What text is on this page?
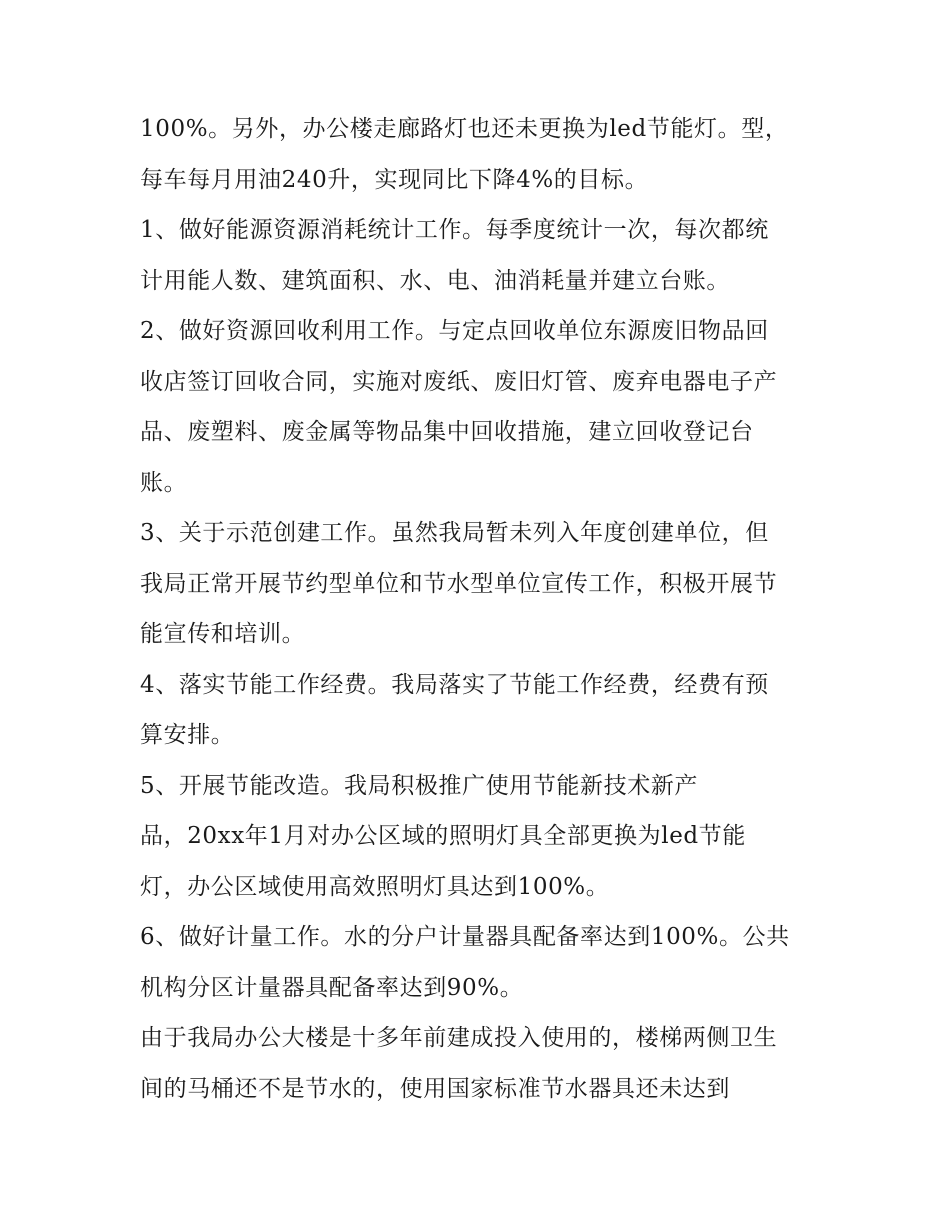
100%。另外，办公楼走廊路灯也还未更换为led节能灯。型，
每车每月用油240升，实现同比下降4%的目标。
1、做好能源资源消耗统计工作。每季度统计一次，每次都统
计用能人数、建筑面积、水、电、油消耗量并建立台账。
2、做好资源回收利用工作。与定点回收单位东源废旧物品回
收店签订回收合同，实施对废纸、废旧灯管、废弃电器电子产
品、废塑料、废金属等物品集中回收措施，建立回收登记台
账。
3、关于示范创建工作。虽然我局暂未列入年度创建单位，但
我局正常开展节约型单位和节水型单位宣传工作，积极开展节
能宣传和培训。
4、落实节能工作经费。我局落实了节能工作经费，经费有预
算安排。
5、开展节能改造。我局积极推广使用节能新技术新产
品，20xx年1月对办公区域的照明灯具全部更换为led节能
灯，办公区域使用高效照明灯具达到100%。
6、做好计量工作。水的分户计量器具配备率达到100%。公共
机构分区计量器具配备率达到90%。
由于我局办公大楼是十多年前建成投入使用的，楼梯两侧卫生
间的马桶还不是节水的，使用国家标准节水器具还未达到
